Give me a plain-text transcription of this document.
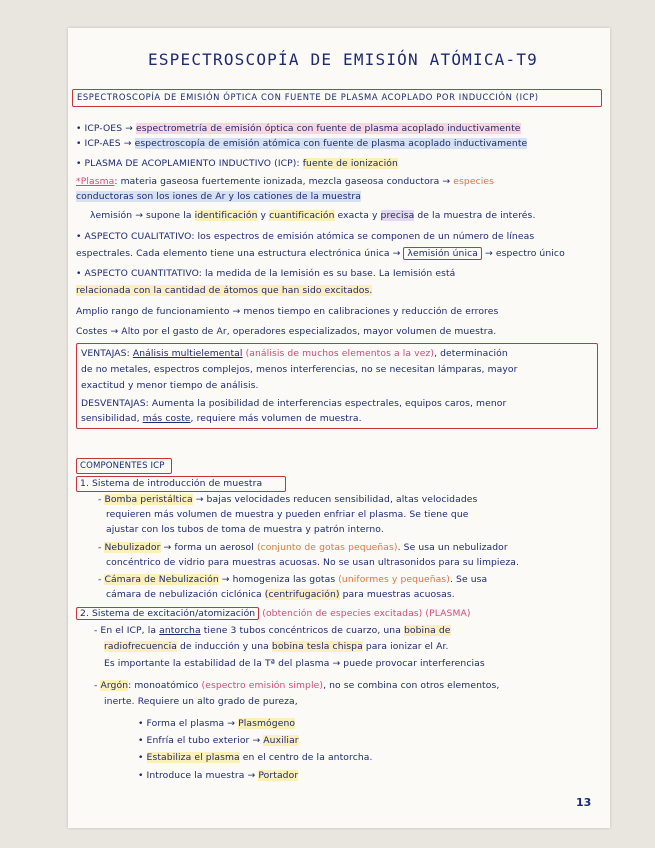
ESPECTROSCOPÍA DE EMISIÓN ATÓMICA-T9
ESPECTROSCOPÍA DE EMISIÓN ÓPTICA CON FUENTE DE PLASMA ACOPLADO POR INDUCCIÓN (ICP)
• ICP-OES → espectrometría de emisión óptica con fuente de plasma acoplado inductivamente
• ICP-AES → espectroscopía de emisión atómica con fuente de plasma acoplado inductivamente
• PLASMA DE ACOPLAMIENTO INDUCTIVO (ICP): fuente de ionización
*Plasma: materia gaseosa fuertemente ionizada, mezcla gaseosa conductora → especies
conductoras son los iones de Ar y los cationes de la muestra
λemisión → supone la identificación y cuantificación exacta y precisa de la muestra de interés.
• ASPECTO CUALITATIVO: los espectros de emisión atómica se componen de un número de líneas
espectrales. Cada elemento tiene una estructura electrónica única → λemisión única → espectro único
• ASPECTO CUANTITATIVO: la medida de la Iemisión es su base. La Iemisión está
relacionada con la cantidad de átomos que han sido excitados.
Amplio rango de funcionamiento → menos tiempo en calibraciones y reducción de errores
Costes → Alto por el gasto de Ar, operadores especializados, mayor volumen de muestra.
VENTAJAS: Análisis multielemental (análisis de muchos elementos a la vez), determinación
de no metales, espectros complejos, menos interferencias, no se necesitan lámparas, mayor
exactitud y menor tiempo de análisis.
DESVENTAJAS: Aumenta la posibilidad de interferencias espectrales, equipos caros, menor
sensibilidad, más coste, requiere más volumen de muestra.
COMPONENTES ICP
1. Sistema de introducción de muestra
- Bomba peristáltica → bajas velocidades reducen sensibilidad, altas velocidades
requieren más volumen de muestra y pueden enfriar el plasma. Se tiene que
ajustar con los tubos de toma de muestra y patrón interno.
- Nebulizador → forma un aerosol (conjunto de gotas pequeñas). Se usa un nebulizador
concéntrico de vidrio para muestras acuosas. No se usan ultrasonidos para su limpieza.
- Cámara de Nebulización → homogeniza las gotas (uniformes y pequeñas). Se usa
cámara de nebulización ciclónica (centrifugación) para muestras acuosas.
2. Sistema de excitación/atomización (obtención de especies excitadas) (PLASMA)
- En el ICP, la antorcha tiene 3 tubos concéntricos de cuarzo, una bobina de
radiofrecuencia de inducción y una bobina tesla chispa para ionizar el Ar.
Es importante la estabilidad de la Tª del plasma → puede provocar interferencias
- Argón: monoatómico (espectro emisión simple), no se combina con otros elementos,
inerte. Requiere un alto grado de pureza,
• Forma el plasma → Plasmógeno
• Enfría el tubo exterior → Auxiliar
• Estabiliza el plasma en el centro de la antorcha.
• Introduce la muestra → Portador
13
